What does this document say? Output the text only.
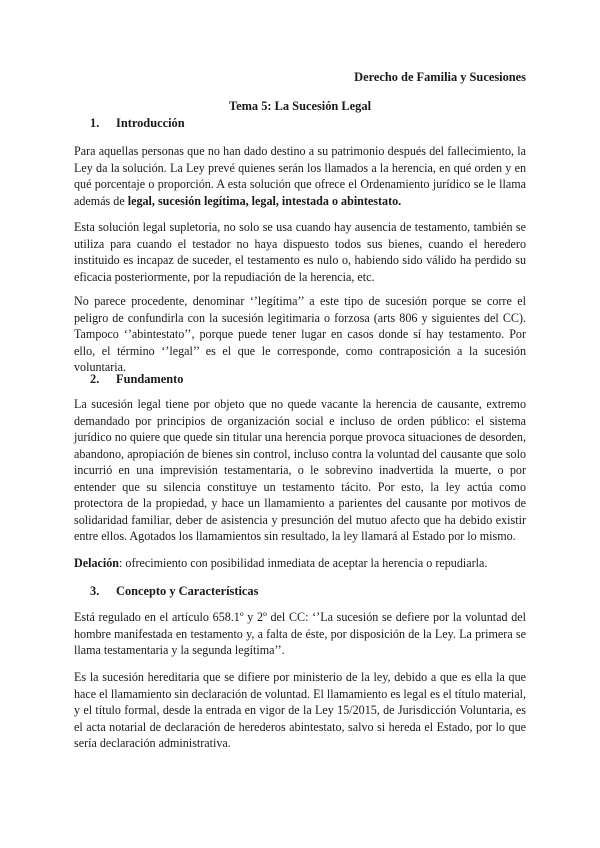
Derecho de Familia y Sucesiones
Tema 5: La Sucesión Legal
1. Introducción

Para aquellas personas que no han dado destino a su patrimonio después del fallecimiento, la Ley da la solución. La Ley prevé quienes serán los llamados a la herencia, en qué orden y en qué porcentaje o proporción. A esta solución que ofrece el Ordenamiento jurídico se le llama además de legal, sucesión legítima, legal, intestada o abintestato.

Esta solución legal supletoria, no solo se usa cuando hay ausencia de testamento, también se utiliza para cuando el testador no haya dispuesto todos sus bienes, cuando el heredero instituido es incapaz de suceder, el testamento es nulo o, habiendo sido válido ha perdido su eficacia posteriormente, por la repudiación de la herencia, etc.

No parece procedente, denominar ‘’legítima’’ a este tipo de sucesión porque se corre el peligro de confundirla con la sucesión legitimaria o forzosa (arts 806 y siguientes del CC). Tampoco ‘’abintestato’’, porque puede tener lugar en casos donde sí hay testamento. Por ello, el término ‘’legal’’ es el que le corresponde, como contraposición a la sucesión voluntaria.

2. Fundamento

La sucesión legal tiene por objeto que no quede vacante la herencia de causante, extremo demandado por principios de organización social e incluso de orden público: el sistema jurídico no quiere que quede sin titular una herencia porque provoca situaciones de desorden, abandono, apropiación de bienes sin control, incluso contra la voluntad del causante que solo incurrió en una imprevisión testamentaria, o le sobrevino inadvertida la muerte, o por entender que su silencia constituye un testamento tácito. Por esto, la ley actúa como protectora de la propiedad, y hace un llamamiento a parientes del causante por motivos de solidaridad familiar, deber de asistencia y presunción del mutuo afecto que ha debido existir entre ellos. Agotados los llamamientos sin resultado, la ley llamará al Estado por lo mismo.

Delación: ofrecimiento con posibilidad inmediata de aceptar la herencia o repudiarla.

3. Concepto y Características

Está regulado en el artículo 658.1º y 2º del CC: ‘’La sucesión se defiere por la voluntad del hombre manifestada en testamento y, a falta de éste, por disposición de la Ley. La primera se llama testamentaria y la segunda legítima’’.

Es la sucesión hereditaria que se difiere por ministerio de la ley, debido a que es ella la que hace el llamamiento sin declaración de voluntad. El llamamiento es legal es el título material, y el título formal, desde la entrada en vigor de la Ley 15/2015, de Jurisdicción Voluntaria, es el acta notarial de declaración de herederos abintestato, salvo si hereda el Estado, por lo que sería declaración administrativa.
